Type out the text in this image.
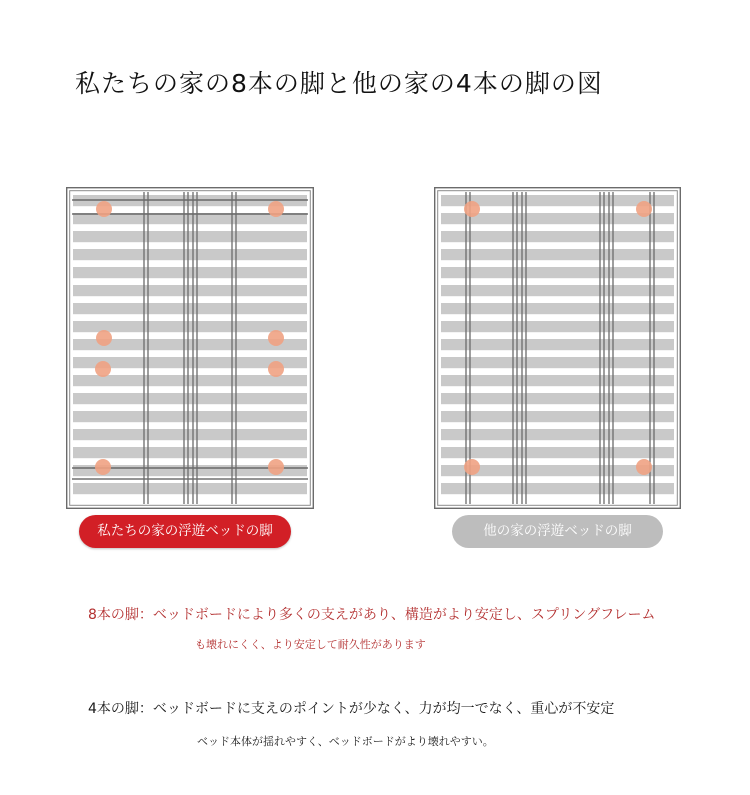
私たちの家の8本の脚と他の家の4本の脚の図
私たちの家の浮遊ベッドの脚	他の家の浮遊ベッドの脚
8本の脚：ベッドボードにより多くの支えがあり、構造がより安定し、スプリングフレーム
も壊れにくく、より安定して耐久性があります
4本の脚：ベッドボードに支えのポイントが少なく、力が均一でなく、重心が不安定
ベッド本体が揺れやすく、ベッドボードがより壊れやすい。
